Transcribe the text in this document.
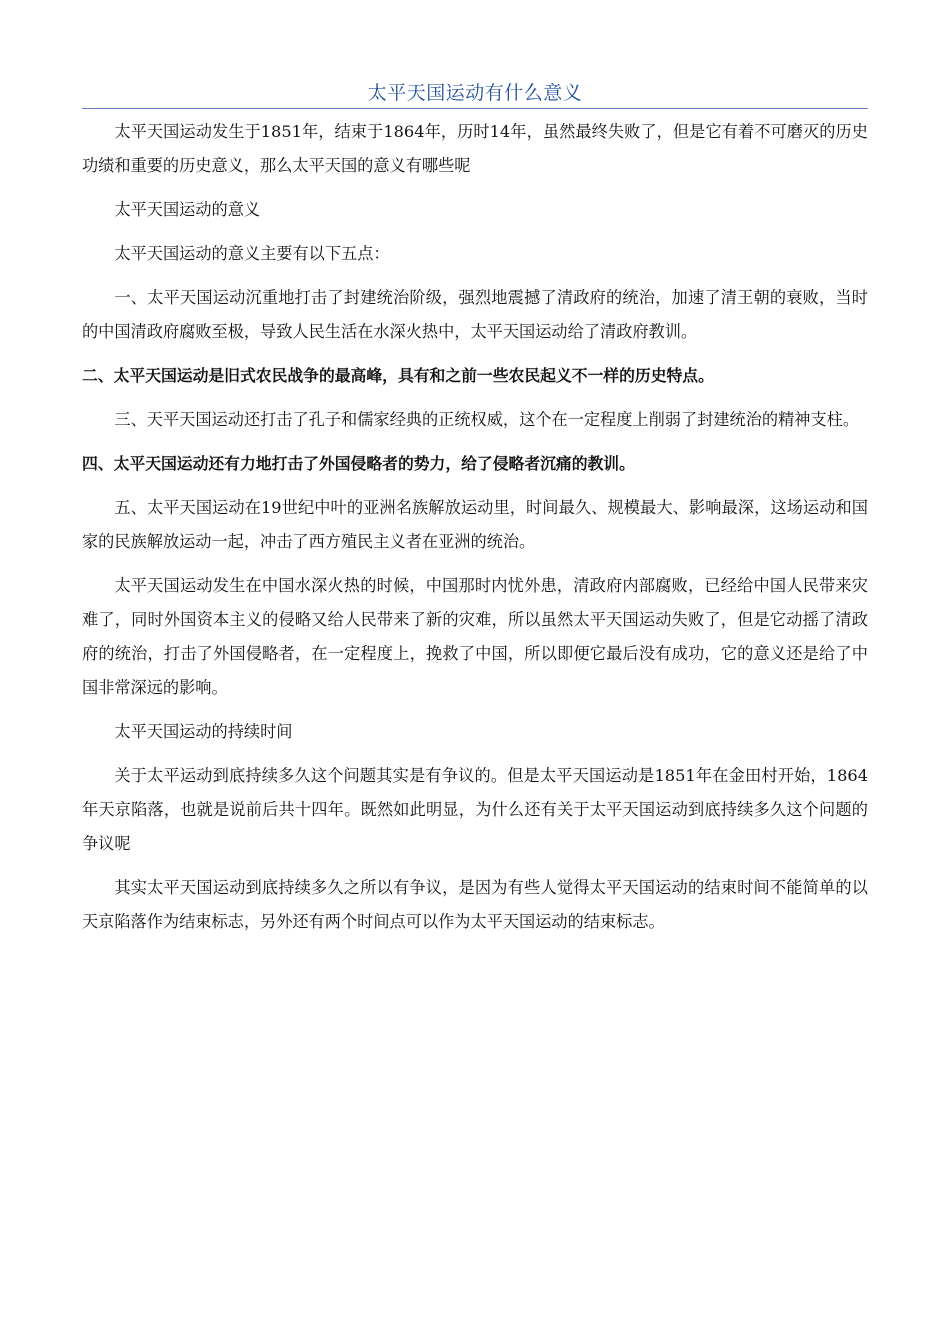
太平天国运动有什么意义

太平天国运动发生于1851年，结束于1864年，历时14年，虽然最终失败了，但是它有着不可磨灭的历史功绩和重要的历史意义，那么太平天国的意义有哪些呢

太平天国运动的意义

太平天国运动的意义主要有以下五点：

一、太平天国运动沉重地打击了封建统治阶级，强烈地震撼了清政府的统治，加速了清王朝的衰败，当时的中国清政府腐败至极，导致人民生活在水深火热中，太平天国运动给了清政府教训。

二、太平天国运动是旧式农民战争的最高峰，具有和之前一些农民起义不一样的历史特点。

三、天平天国运动还打击了孔子和儒家经典的正统权威，这个在一定程度上削弱了封建统治的精神支柱。

四、太平天国运动还有力地打击了外国侵略者的势力，给了侵略者沉痛的教训。

五、太平天国运动在19世纪中叶的亚洲名族解放运动里，时间最久、规模最大、影响最深，这场运动和国家的民族解放运动一起，冲击了西方殖民主义者在亚洲的统治。

太平天国运动发生在中国水深火热的时候，中国那时内忧外患，清政府内部腐败，已经给中国人民带来灾难了，同时外国资本主义的侵略又给人民带来了新的灾难，所以虽然太平天国运动失败了，但是它动摇了清政府的统治，打击了外国侵略者，在一定程度上，挽救了中国，所以即便它最后没有成功，它的意义还是给了中国非常深远的影响。

太平天国运动的持续时间

关于太平运动到底持续多久这个问题其实是有争议的。但是太平天国运动是1851年在金田村开始，1864年天京陷落，也就是说前后共十四年。既然如此明显，为什么还有关于太平天国运动到底持续多久这个问题的争议呢

其实太平天国运动到底持续多久之所以有争议，是因为有些人觉得太平天国运动的结束时间不能简单的以天京陷落作为结束标志，另外还有两个时间点可以作为太平天国运动的结束标志。
